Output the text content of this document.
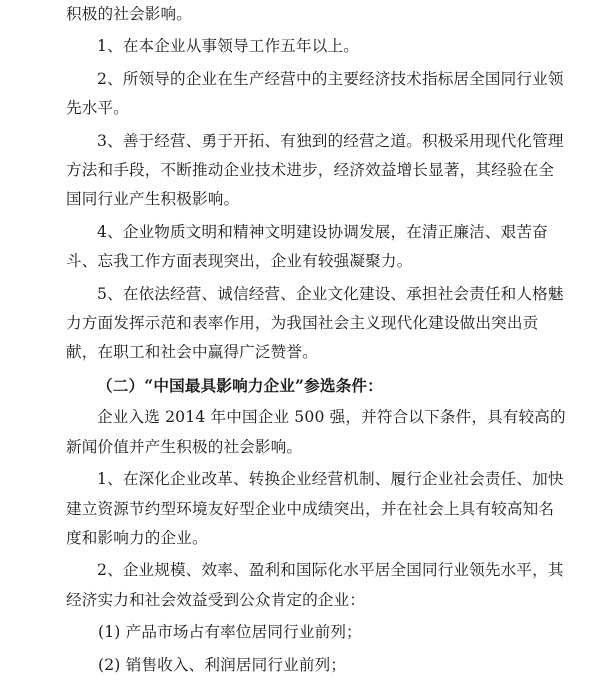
积极的社会影响。

1、在本企业从事领导工作五年以上。

2、所领导的企业在生产经营中的主要经济技术指标居全国同行业领先水平。

3、善于经营、勇于开拓、有独到的经营之道。积极采用现代化管理方法和手段，不断推动企业技术进步，经济效益增长显著，其经验在全国同行业产生积极影响。

4、企业物质文明和精神文明建设协调发展，在清正廉洁、艰苦奋斗、忘我工作方面表现突出，企业有较强凝聚力。

5、在依法经营、诚信经营、企业文化建设、承担社会责任和人格魅力方面发挥示范和表率作用，为我国社会主义现代化建设做出突出贡献，在职工和社会中赢得广泛赞誉。

（二）“中国最具影响力企业”参选条件：

企业入选 2014 年中国企业 500 强，并符合以下条件，具有较高的新闻价值并产生积极的社会影响。

1、在深化企业改革、转换企业经营机制、履行企业社会责任、加快建立资源节约型环境友好型企业中成绩突出，并在社会上具有较高知名度和影响力的企业。

2、企业规模、效率、盈利和国际化水平居全国同行业领先水平，其经济实力和社会效益受到公众肯定的企业：

(1) 产品市场占有率位居同行业前列；

(2) 销售收入、利润居同行业前列；
